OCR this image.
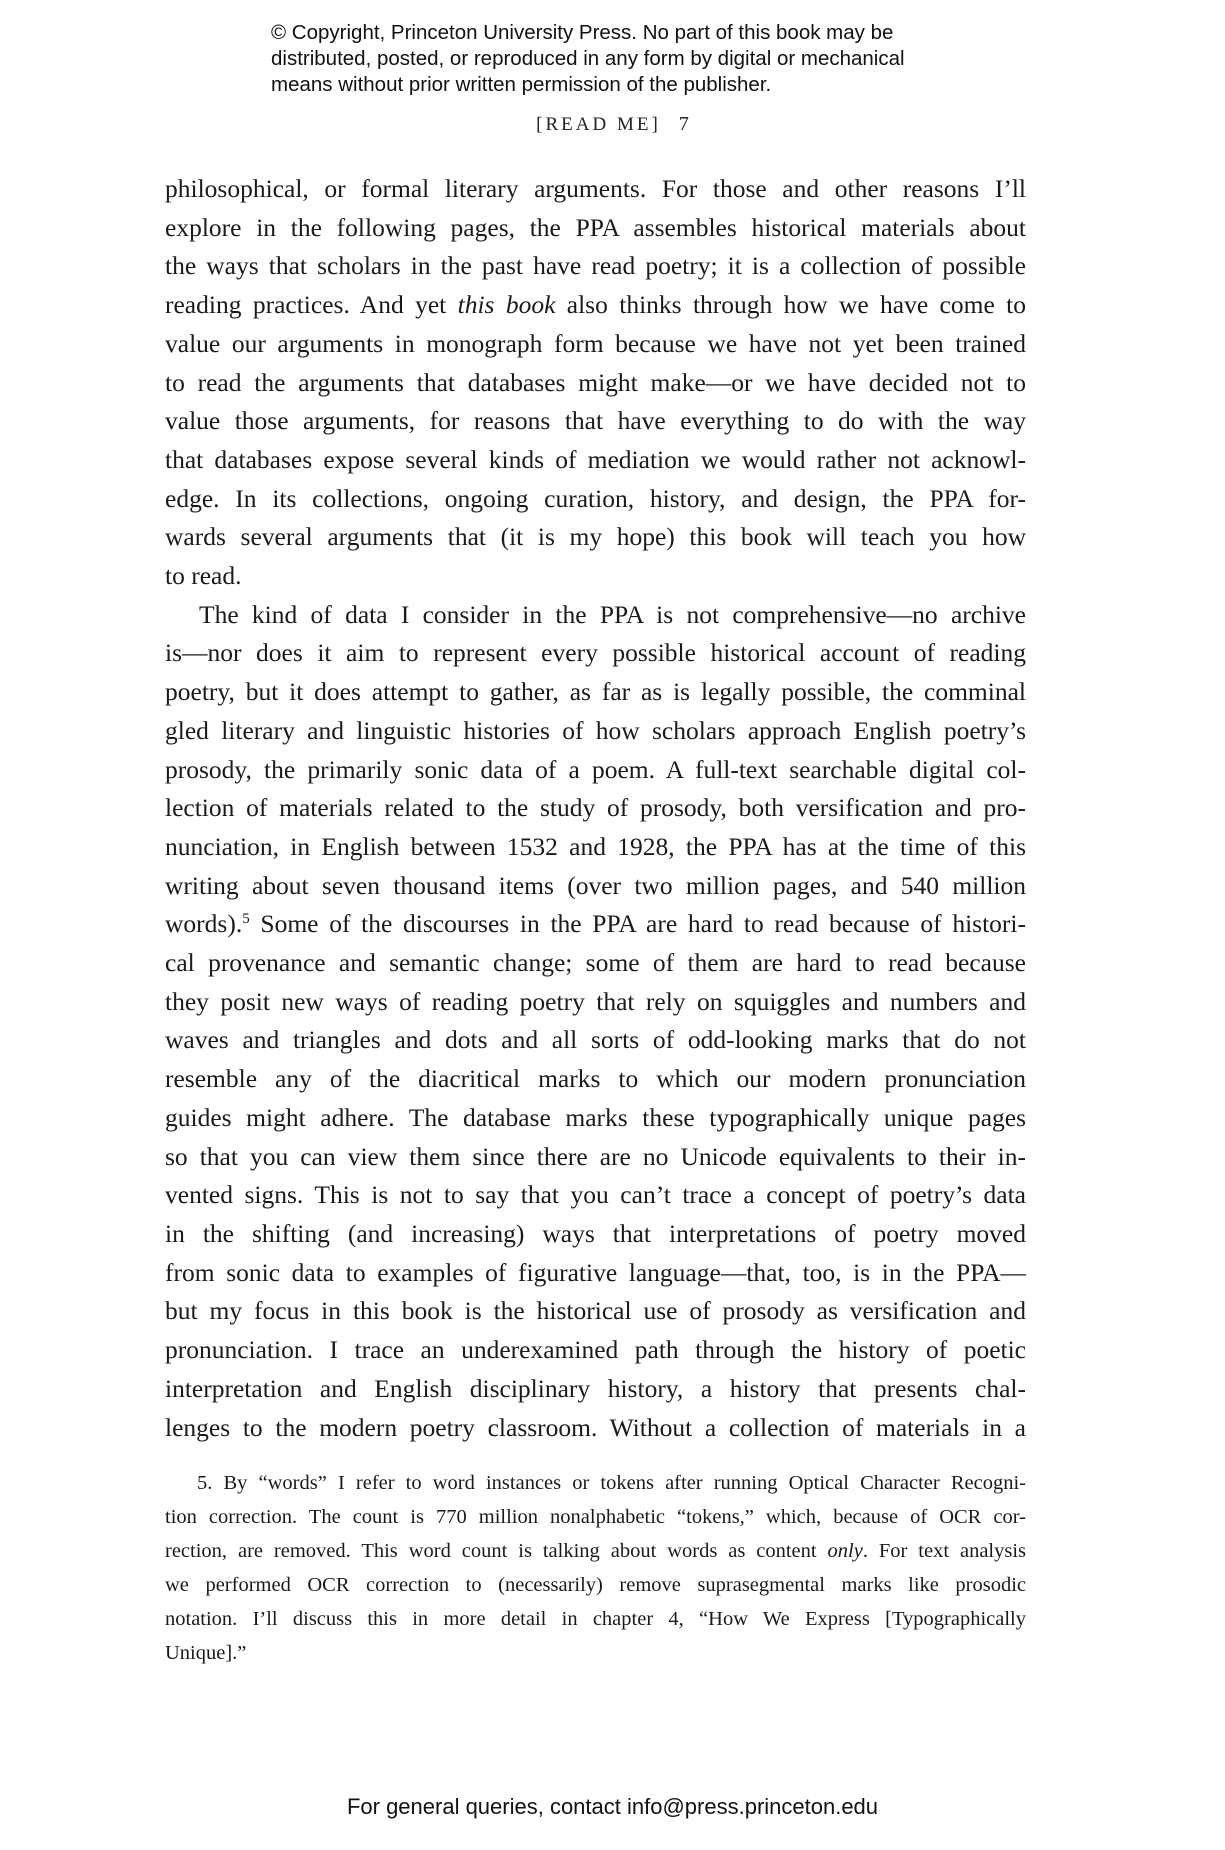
© Copyright, Princeton University Press. No part of this book may be
distributed, posted, or reproduced in any form by digital or mechanical
means without prior written permission of the publisher.
[READ ME] 7
philosophical, or formal literary arguments. For those and other reasons I’ll
explore in the following pages, the PPA assembles historical materials about
the ways that scholars in the past have read poetry; it is a collection of possible
reading practices. And yet this book also thinks through how we have come to
value our arguments in monograph form because we have not yet been trained
to read the arguments that databases might make—or we have decided not to
value those arguments, for reasons that have everything to do with the way
that databases expose several kinds of mediation we would rather not acknowl-
edge. In its collections, ongoing curation, history, and design, the PPA for-
wards several arguments that (it is my hope) this book will teach you how
to read.
The kind of data I consider in the PPA is not comprehensive—no archive
is—nor does it aim to represent every possible historical account of reading
poetry, but it does attempt to gather, as far as is legally possible, the comminal
gled literary and linguistic histories of how scholars approach English poetry’s
prosody, the primarily sonic data of a poem. A full-text searchable digital col-
lection of materials related to the study of prosody, both versification and pro-
nunciation, in English between 1532 and 1928, the PPA has at the time of this
writing about seven thousand items (over two million pages, and 540 million
words).$^5$ Some of the discourses in the PPA are hard to read because of histori-
cal provenance and semantic change; some of them are hard to read because
they posit new ways of reading poetry that rely on squiggles and numbers and
waves and triangles and dots and all sorts of odd-looking marks that do not
resemble any of the diacritical marks to which our modern pronunciation
guides might adhere. The database marks these typographically unique pages
so that you can view them since there are no Unicode equivalents to their in-
vented signs. This is not to say that you can’t trace a concept of poetry’s data
in the shifting (and increasing) ways that interpretations of poetry moved
from sonic data to examples of figurative language—that, too, is in the PPA—
but my focus in this book is the historical use of prosody as versification and
pronunciation. I trace an underexamined path through the history of poetic
interpretation and English disciplinary history, a history that presents chal-
lenges to the modern poetry classroom. Without a collection of materials in a
5. By “words” I refer to word instances or tokens after running Optical Character Recogni-
tion correction. The count is 770 million nonalphabetic “tokens,” which, because of OCR cor-
rection, are removed. This word count is talking about words as content only. For text analysis
we performed OCR correction to (necessarily) remove suprasegmental marks like prosodic
notation. I’ll discuss this in more detail in chapter 4, “How We Express [Typographically
Unique].”
For general queries, contact info@press.princeton.edu
